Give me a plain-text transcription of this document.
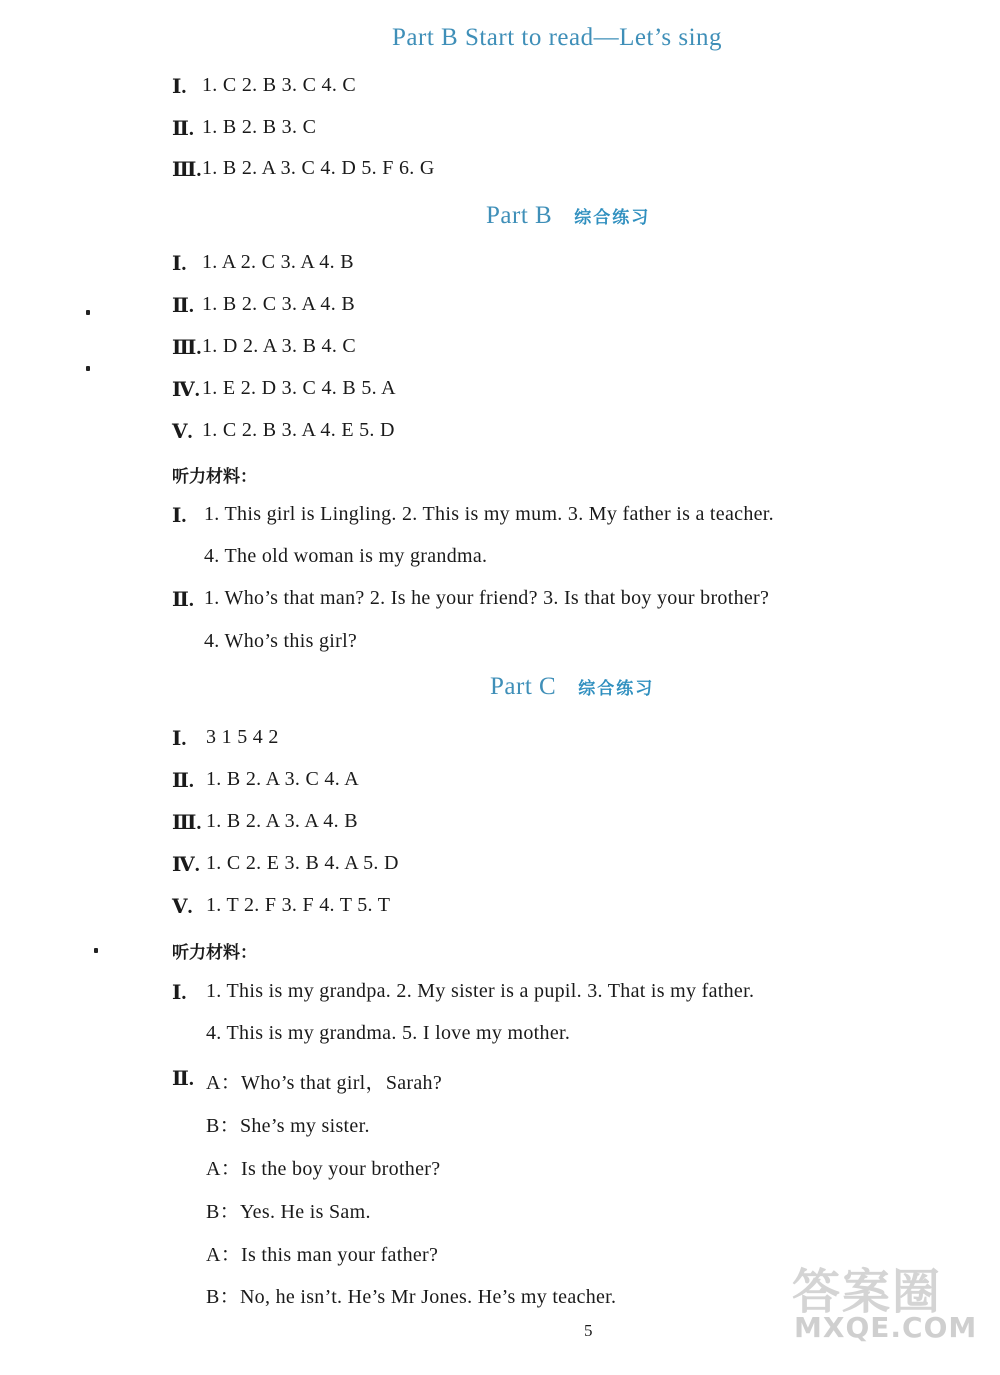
Part B Start to read—Let’s sing
Ⅰ. 1. C 2. B 3. C 4. C
Ⅱ. 1. B 2. B 3. C
Ⅲ. 1. B 2. A 3. C 4. D 5. F 6. G
Part B 综合练习
Ⅰ. 1. A 2. C 3. A 4. B
Ⅱ. 1. B 2. C 3. A 4. B
Ⅲ. 1. D 2. A 3. B 4. C
Ⅳ. 1. E 2. D 3. C 4. B 5. A
Ⅴ. 1. C 2. B 3. A 4. E 5. D
听力材料：
Ⅰ. 1. This girl is Lingling. 2. This is my mum. 3. My father is a teacher.
4. The old woman is my grandma.
Ⅱ. 1. Who’s that man? 2. Is he your friend? 3. Is that boy your brother?
4. Who’s this girl?
Part C 综合练习
Ⅰ. 3 1 5 4 2
Ⅱ. 1. B 2. A 3. C 4. A
Ⅲ. 1. B 2. A 3. A 4. B
Ⅳ. 1. C 2. E 3. B 4. A 5. D
Ⅴ. 1. T 2. F 3. F 4. T 5. T
听力材料：
Ⅰ. 1. This is my grandpa. 2. My sister is a pupil. 3. That is my father.
4. This is my grandma. 5. I love my mother.
Ⅱ. A：Who’s that girl，Sarah?
B：She’s my sister.
A：Is the boy your brother?
B：Yes. He is Sam.
A：Is this man your father?
B：No, he isn’t. He’s Mr Jones. He’s my teacher.
5
答案圈
MXQE.COM
